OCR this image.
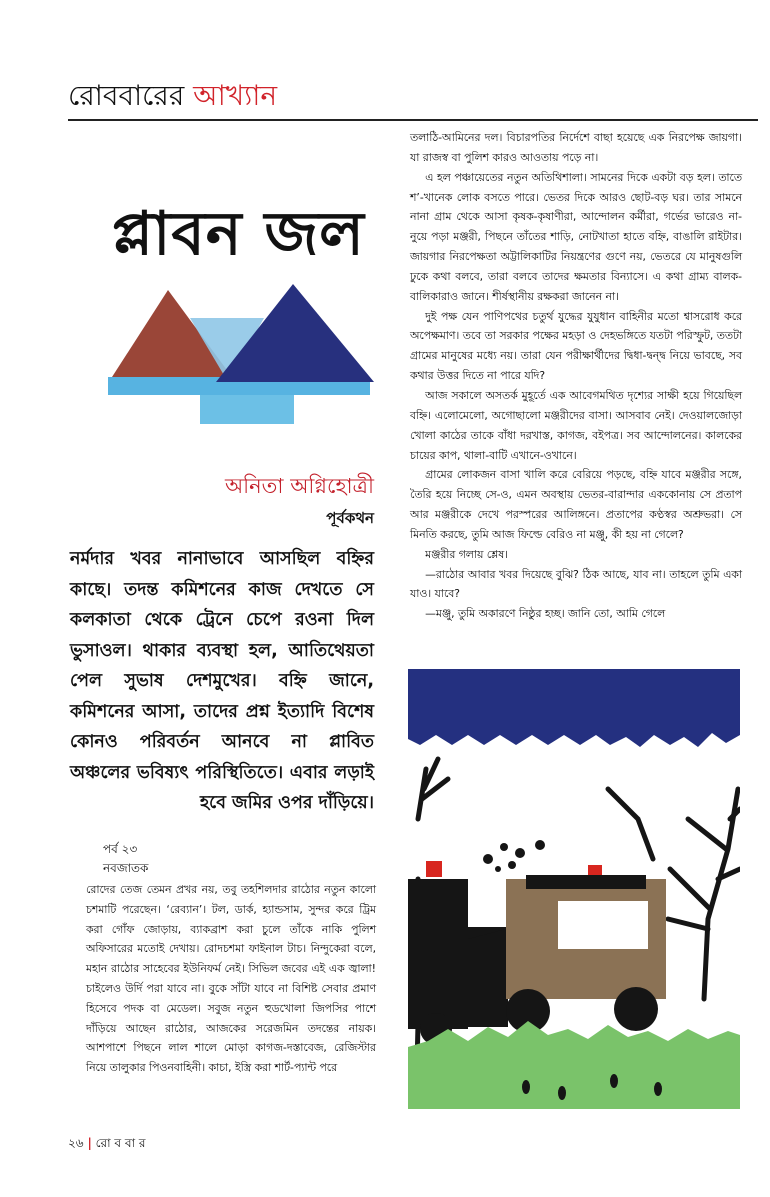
রোববারের আখ্যান
প্লাবন জল
অনিতা অগ্নিহোত্রী
পূর্বকথন
নর্মদার খবর নানাভাবে আসছিল বহ্নির কাছে। তদন্ত কমিশনের কাজ দেখতে সে কলকাতা থেকে ট্রেনে চেপে রওনা দিল ভুসাওল। থাকার ব্যবস্থা হল, আতিথেয়তা পেল সুভাষ দেশমুখের। বহ্নি জানে, কমিশনের আসা, তাদের প্রশ্ন ইত্যাদি বিশেষ কোনও পরিবর্তন আনবে না প্লাবিত অঞ্চলের ভবিষ্যৎ পরিস্থিতিতে। এবার লড়াই হবে জমির ওপর দাঁড়িয়ে।
পর্ব ২৩
নবজাতক

রোদের তেজ তেমন প্রখর নয়, তবু তহশিলদার রাঠোর নতুন কালো চশমাটি পরেছেন। ‘রেব্যান’। টল, ডার্ক, হ্যান্ডসাম, সুন্দর করে ট্রিম করা গোঁফ জোড়ায়, ব্যাকব্রাশ করা চুলে তাঁকে নাকি পুলিশ অফিসারের মতোই দেখায়। রোদচশমা ফাইনাল টাচ। নিন্দুকেরা বলে, মহান রাঠোর সাহেবের ইউনিফর্ম নেই। সিভিল জবের এই এক জ্বালা! চাইলেও উর্দি পরা যাবে না। বুকে সাঁটা যাবে না বিশিষ্ট সেবার প্রমাণ হিসেবে পদক বা মেডেল। সবুজ নতুন হুডখোলা জিপসির পাশে দাঁড়িয়ে আছেন রাঠোর, আজকের সরেজমিন তদন্তের নায়ক। আশপাশে পিছনে লাল শালে মোড়া কাগজ-দস্তাবেজ, রেজিস্টার নিয়ে তালুকার পিওনবাহিনী। কাচা, ইস্ত্রি করা শার্ট-প্যান্ট পরে

তলাঠি-আমিনের দল। বিচারপতির নির্দেশে বাছা হয়েছে এক নিরপেক্ষ জায়গা। যা রাজস্ব বা পুলিশ কারও আওতায় পড়ে না।

এ হল পঞ্চায়েতের নতুন অতিথিশালা। সামনের দিকে একটা বড় হল। তাতে শ’-খানেক লোক বসতে পারে। ভেতর দিকে আরও ছোট-বড় ঘর। তার সামনে নানা গ্রাম থেকে আসা কৃষক-কৃষাণীরা, আন্দোলন কর্মীরা, গর্ভের ভারেও না-নুয়ে পড়া মঞ্জরী, পিছনে তাঁতের শাড়ি, নোটখাতা হাতে বহ্নি, বাঙালি রাইটার। জায়গার নিরপেক্ষতা অট্টালিকাটির নিয়ন্ত্রণের গুণে নয়, ভেতরে যে মানুষগুলি ঢুকে কথা বলবে, তারা বলবে তাদের ক্ষমতার বিন্যাসে। এ কথা গ্রাম্য বালক-বালিকারাও জানে। শীর্ষস্থানীয় রক্ষকরা জানেন না।

দুই পক্ষ যেন পাণিপথের চতুর্থ যুদ্ধের যুযুধান বাহিনীর মতো শ্বাসরোধ করে অপেক্ষমাণ। তবে তা সরকার পক্ষের মহড়া ও দেহভঙ্গিতে যতটা পরিস্ফুট, ততটা গ্রামের মানুষের মধ্যে নয়। তারা যেন পরীক্ষার্থীদের দ্বিধা-দ্বন্দ্ব নিয়ে ভাবছে, সব কথার উত্তর দিতে না পারে যদি?

আজ সকালে অসতর্ক মুহূর্তে এক আবেগমথিত দৃশ্যের সাক্ষী হয়ে গিয়েছিল বহ্নি। এলোমেলো, অগোছালো মঞ্জরীদের বাসা। আসবাব নেই। দেওয়ালজোড়া খোলা কাঠের তাকে বাঁধা দরখাস্ত, কাগজ, বইপত্র। সব আন্দোলনের। কালকের চায়ের কাপ, থালা-বাটি এখানে-ওখানে।

গ্রামের লোকজন বাসা খালি করে বেরিয়ে পড়ছে, বহ্নি যাবে মঞ্জরীর সঙ্গে, তৈরি হয়ে নিচ্ছে সে-ও, এমন অবস্থায় ভেতর-বারান্দার এককোনায় সে প্রতাপ আর মঞ্জরীকে দেখে পরস্পরের আলিঙ্গনে। প্রতাপের কণ্ঠস্বর অশ্রুভরা। সে মিনতি করছে, তুমি আজ ফিল্ডে বেরিও না মঞ্জু, কী হয় না গেলে?

মঞ্জরীর গলায় শ্লেষ।

—রাঠোর আবার খবর দিয়েছে বুঝি? ঠিক আছে, যাব না। তাহলে তুমি একা যাও। যাবে?

—মঞ্জু, তুমি অকারণে নিষ্ঠুর হচ্ছ। জানি তো, আমি গেলে

২৬ | রো ব বা র
